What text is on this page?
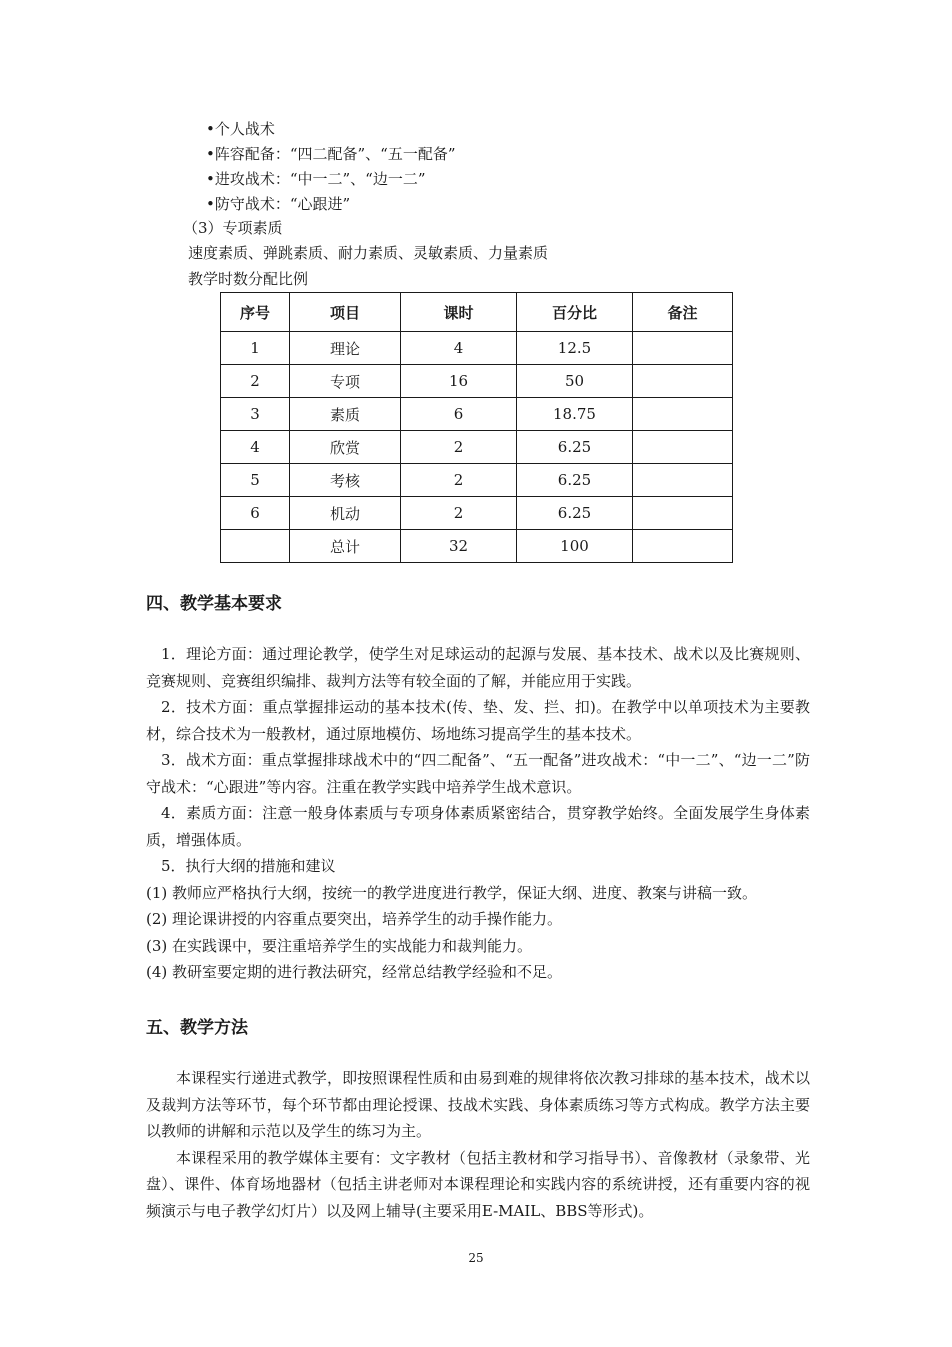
•个人战术
•阵容配备：“四二配备”、“五一配备”
•进攻战术：“中一二”、“边一二”
•防守战术：“心跟进”
（3）专项素质
速度素质、弹跳素质、耐力素质、灵敏素质、力量素质
教学时数分配比例
序号	项目	课时	百分比	备注
1	理论	4	12.5	
2	专项	16	50	
3	素质	6	18.75	
4	欣赏	2	6.25	
5	考核	2	6.25	
6	机动	2	6.25	
	总计	32	100	
四、教学基本要求

1．理论方面：通过理论教学，使学生对足球运动的起源与发展、基本技术、战术以及比赛规则、竞赛规则、竞赛组织编排、裁判方法等有较全面的了解，并能应用于实践。

2．技术方面：重点掌握排运动的基本技术(传、垫、发、拦、扣)。在教学中以单项技术为主要教材，综合技术为一般教材，通过原地模仿、场地练习提高学生的基本技术。

3．战术方面：重点掌握排球战术中的“四二配备”、“五一配备”进攻战术：“中一二”、“边一二”防守战术：“心跟进”等内容。注重在教学实践中培养学生战术意识。

4．素质方面：注意一般身体素质与专项身体素质紧密结合，贯穿教学始终。全面发展学生身体素质，增强体质。

5．执行大纲的措施和建议

(1) 教师应严格执行大纲，按统一的教学进度进行教学，保证大纲、进度、教案与讲稿一致。

(2) 理论课讲授的内容重点要突出，培养学生的动手操作能力。

(3) 在实践课中，要注重培养学生的实战能力和裁判能力。

(4) 教研室要定期的进行教法研究，经常总结教学经验和不足。

五、教学方法

本课程实行递进式教学，即按照课程性质和由易到难的规律将依次教习排球的基本技术，战术以及裁判方法等环节，每个环节都由理论授课、技战术实践、身体素质练习等方式构成。教学方法主要以教师的讲解和示范以及学生的练习为主。

本课程采用的教学媒体主要有：文字教材（包括主教材和学习指导书）、音像教材（录象带、光盘）、课件、体育场地器材（包括主讲老师对本课程理论和实践内容的系统讲授，还有重要内容的视频演示与电子教学幻灯片）以及网上辅导(主要采用E-MAIL、BBS等形式)。

25
